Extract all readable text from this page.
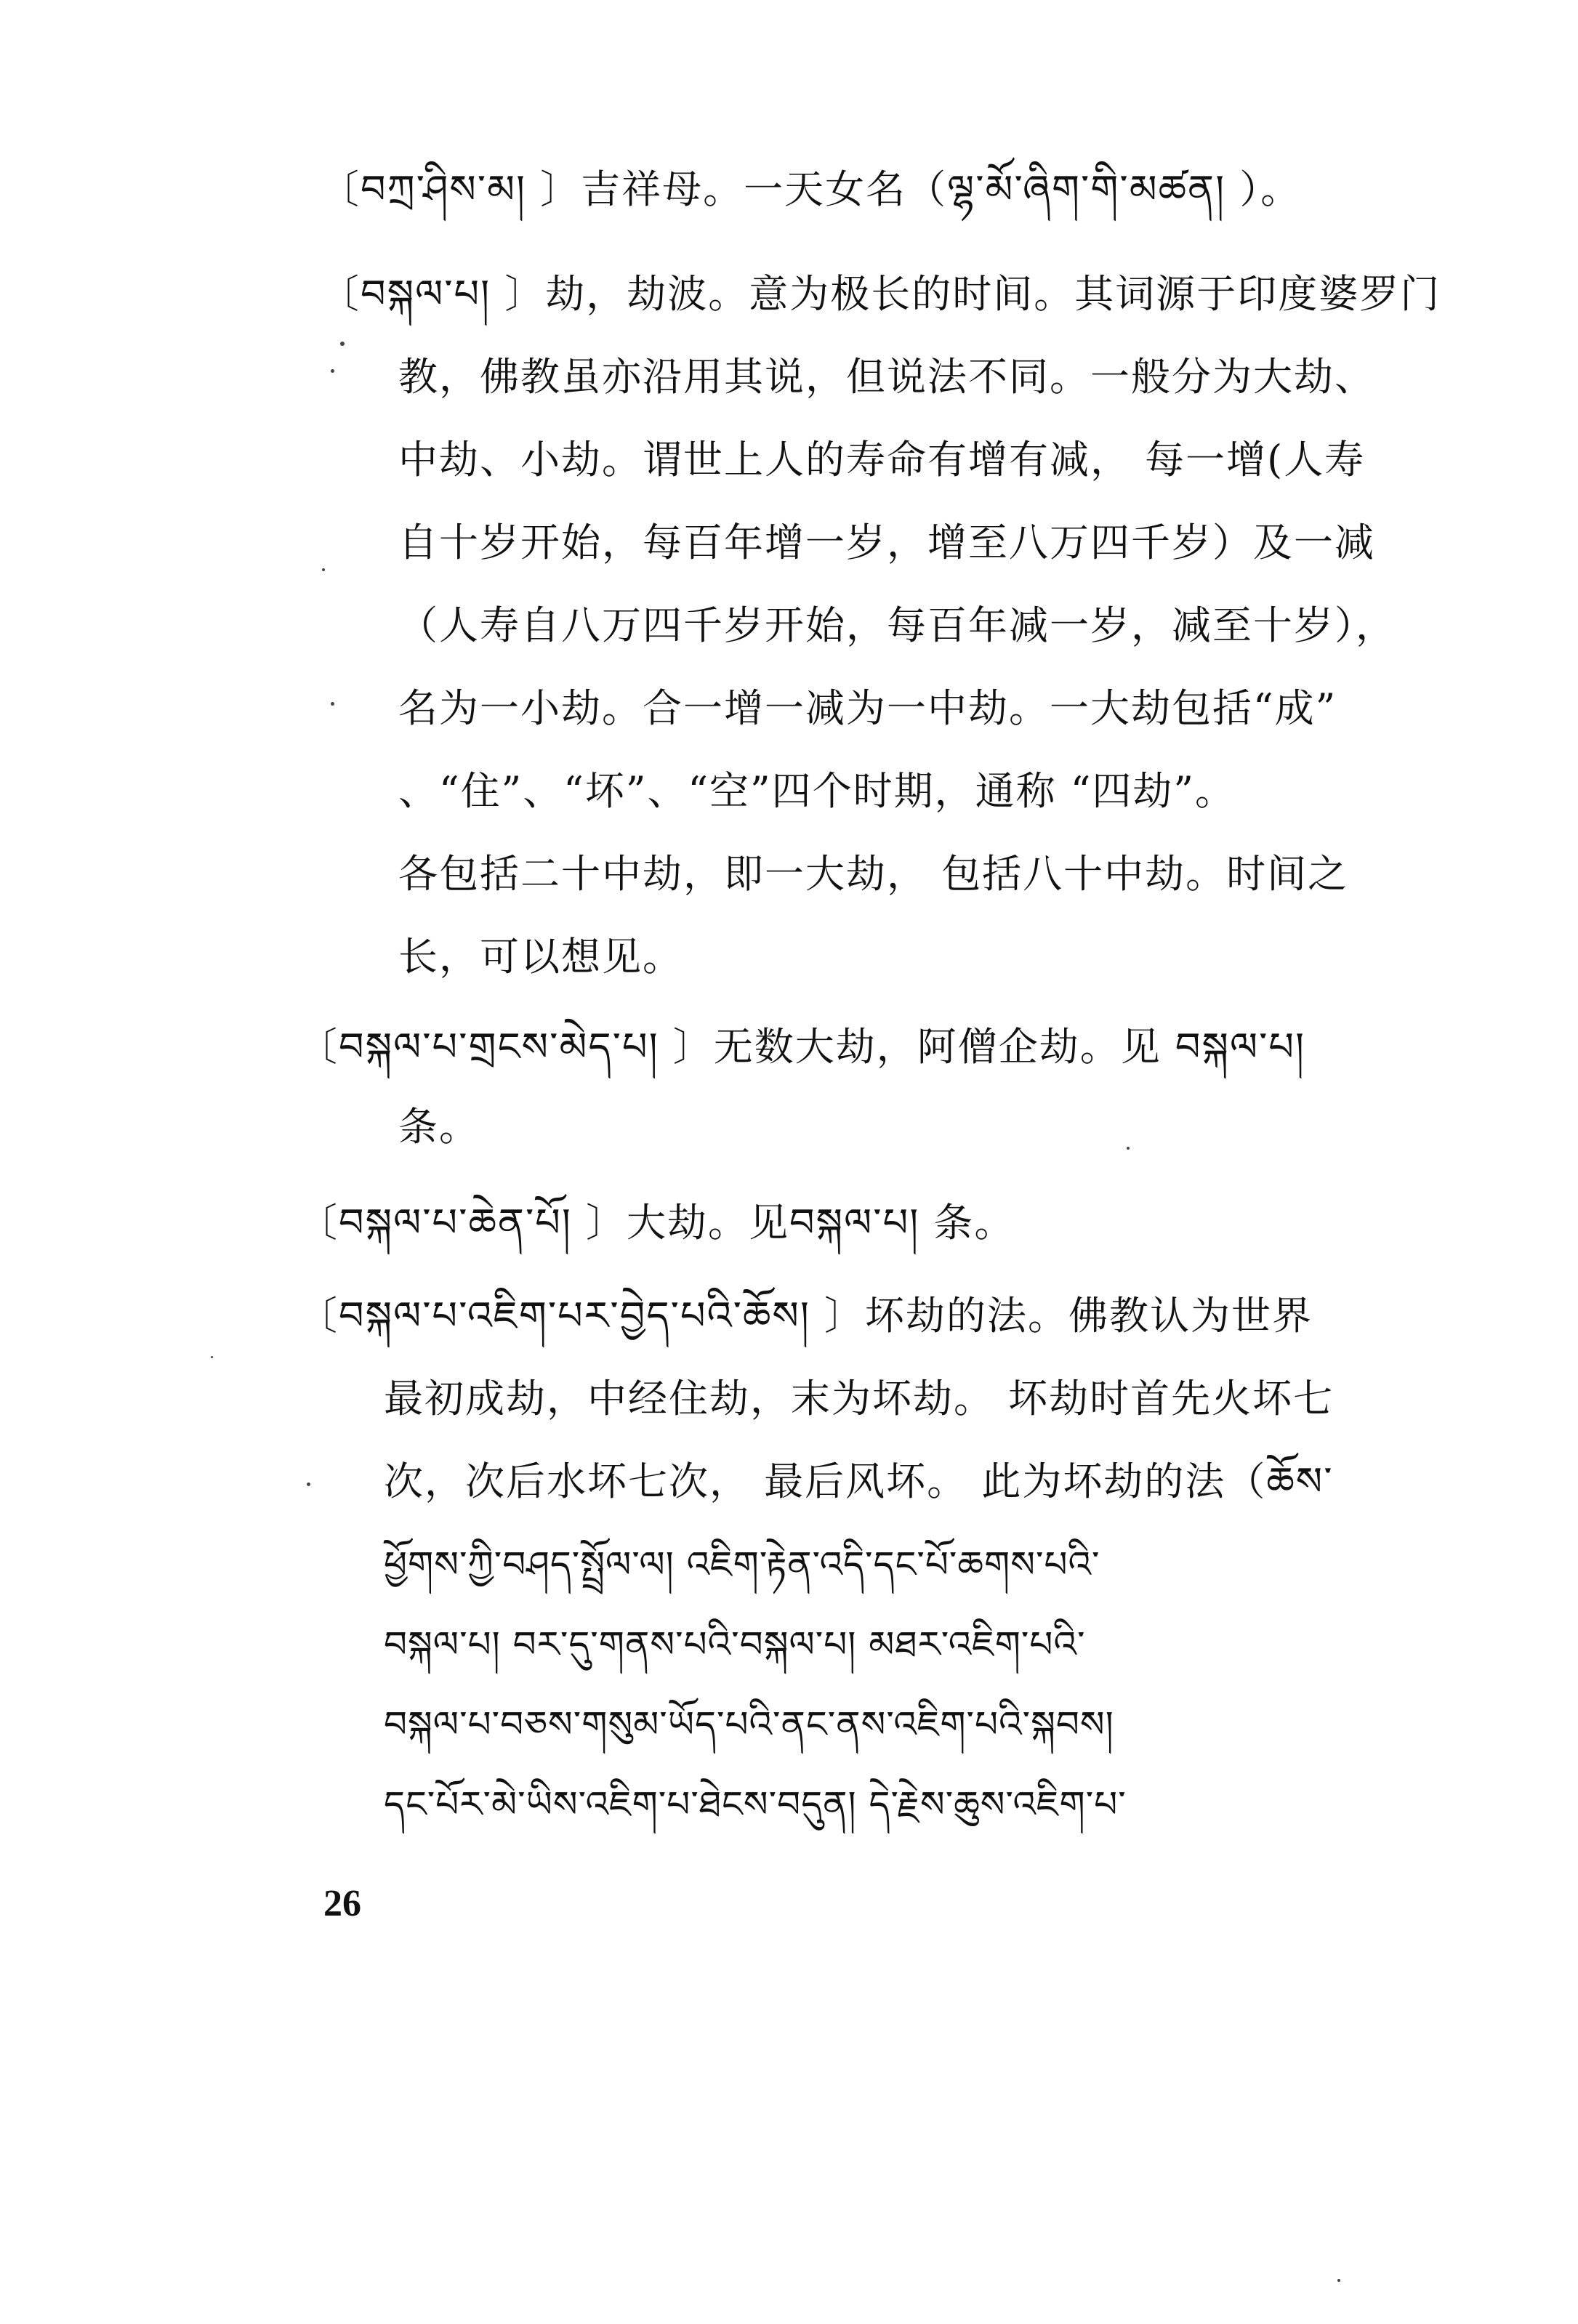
〔བཀྲ་ཤིས་མ། 〕吉祥母。一天女名（ལྷ་མོ་ཞིག་གི་མཚན། ）。
〔བསྐལ་པ། 〕劫，劫波。意为极长的时间。其词源于印度婆罗门
教，佛教虽亦沿用其说，但说法不同。一般分为大劫、
中劫、小劫。谓世上人的寿命有增有减， 每一增(人寿
自十岁开始，每百年增一岁，增至八万四千岁）及一减
（人寿自八万四千岁开始，每百年减一岁，减至十岁），
名为一小劫。合一增一减为一中劫。一大劫包括“成”
、“住”、“坏”、“空”四个时期，通称 “四劫”。
各包括二十中劫，即一大劫， 包括八十中劫。时间之
长，可以想见。
〔བསྐལ་པ་གྲངས་མེད་པ། 〕无数大劫，阿僧企劫。见 བསྐལ་པ།
条。
〔བསྐལ་པ་ཆེན་པོ། 〕大劫。见བསྐལ་པ། 条。
〔བསྐལ་པ་འཇིག་པར་བྱེད་པའི་ཆོས། 〕坏劫的法。佛教认为世界
最初成劫，中经住劫，末为坏劫。 坏劫时首先火坏七
次，次后水坏七次， 最后风坏。 此为坏劫的法（ཆོས་
ཕྱོགས་ཀྱི་བཤད་སྤྲོལ་ལ། འཇིག་རྟེན་འདི་དང་པོ་ཆགས་པའི་
བསྐལ་པ། བར་དུ་གནས་པའི་བསྐལ་པ། མཐར་འཇིག་པའི་
བསྐལ་པ་བཅས་གསུམ་ཡོད་པའི་ནང་ནས་འཇིག་པའི་སྐབས།
དང་པོར་མེ་ཡིས་འཇིག་པ་ཐེངས་བདུན། དེ་རྗེས་ཆུས་འཇིག་པ་
26
